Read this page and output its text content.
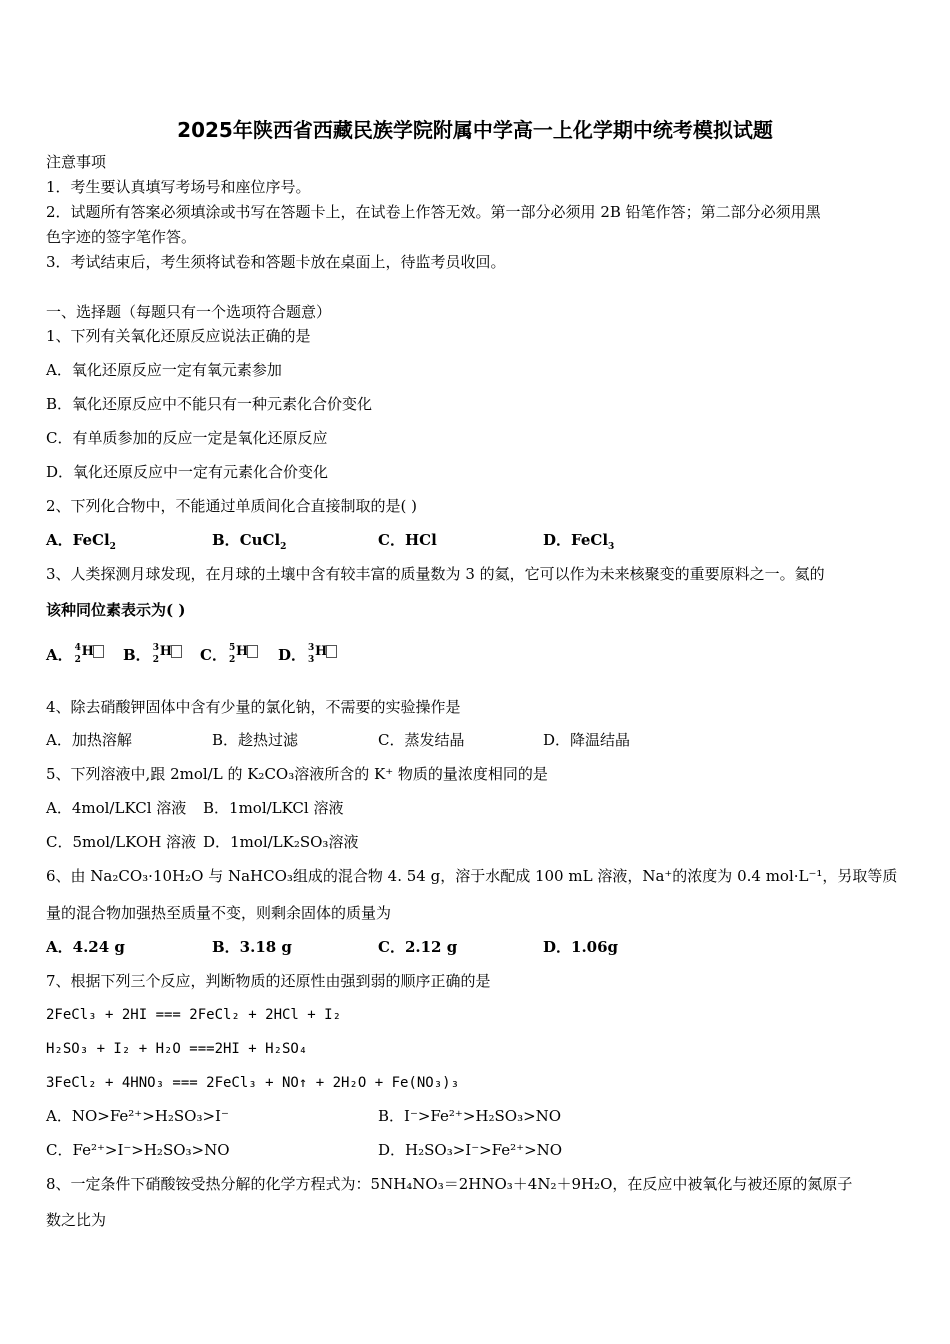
2025年陕西省西藏民族学院附属中学高一上化学期中统考模拟试题
注意事项
1．考生要认真填写考场号和座位序号。
2．试题所有答案必须填涂或书写在答题卡上，在试卷上作答无效。第一部分必须用 2B 铅笔作答；第二部分必须用黑
色字迹的签字笔作答。
3．考试结束后，考生须将试卷和答题卡放在桌面上，待监考员收回。
一、选择题（每题只有一个选项符合题意）
1、下列有关氧化还原反应说法正确的是
A．氧化还原反应一定有氧元素参加
B．氧化还原反应中不能只有一种元素化合价变化
C．有单质参加的反应一定是氧化还原反应
D．氧化还原反应中一定有元素化合价变化
2、下列化合物中，不能通过单质间化合直接制取的是( )
A．FeCl$_2$	B．CuCl$_2$	C．HCl	D．FeCl$_3$
3、人类探测月球发现，在月球的土壤中含有较丰富的质量数为 3 的氦，它可以作为未来核聚变的重要原料之一。氦的
该种同位素表示为( )
A． 4
2
H B． 3
2
H C． 5
2
H D． 3
3
H
4、除去硝酸钾固体中含有少量的氯化钠，不需要的实验操作是
A．加热溶解	B．趁热过滤	C．蒸发结晶	D．降温结晶
5、下列溶液中,跟 2mol/L 的 K₂CO₃溶液所含的 K⁺ 物质的量浓度相同的是
A．4mol/LKCl 溶液 B．1mol/LKCl 溶液
C．5mol/LKOH 溶液 D．1mol/LK₂SO₃溶液
6、由 Na₂CO₃·10H₂O 与 NaHCO₃组成的混合物 4. 54 g，溶于水配成 100 mL 溶液，Na⁺的浓度为 0.4 mol·L⁻¹，另取等质
量的混合物加强热至质量不变，则剩余固体的质量为
A．4.24 g	B．3.18 g	C．2.12 g	D．1.06g
7、根据下列三个反应，判断物质的还原性由强到弱的顺序正确的是
2FeCl₃ + 2HI === 2FeCl₂ + 2HCl + I₂
H₂SO₃ + I₂ + H₂O ===2HI + H₂SO₄
3FeCl₂ + 4HNO₃ === 2FeCl₃ + NO↑ + 2H₂O + Fe(NO₃)₃
A．NO>Fe²⁺>H₂SO₃>I⁻	B．I⁻>Fe²⁺>H₂SO₃>NO
C．Fe²⁺>I⁻>H₂SO₃>NO	D．H₂SO₃>I⁻>Fe²⁺>NO
8、一定条件下硝酸铵受热分解的化学方程式为：5NH₄NO₃＝2HNO₃＋4N₂＋9H₂O，在反应中被氧化与被还原的氮原子
数之比为
